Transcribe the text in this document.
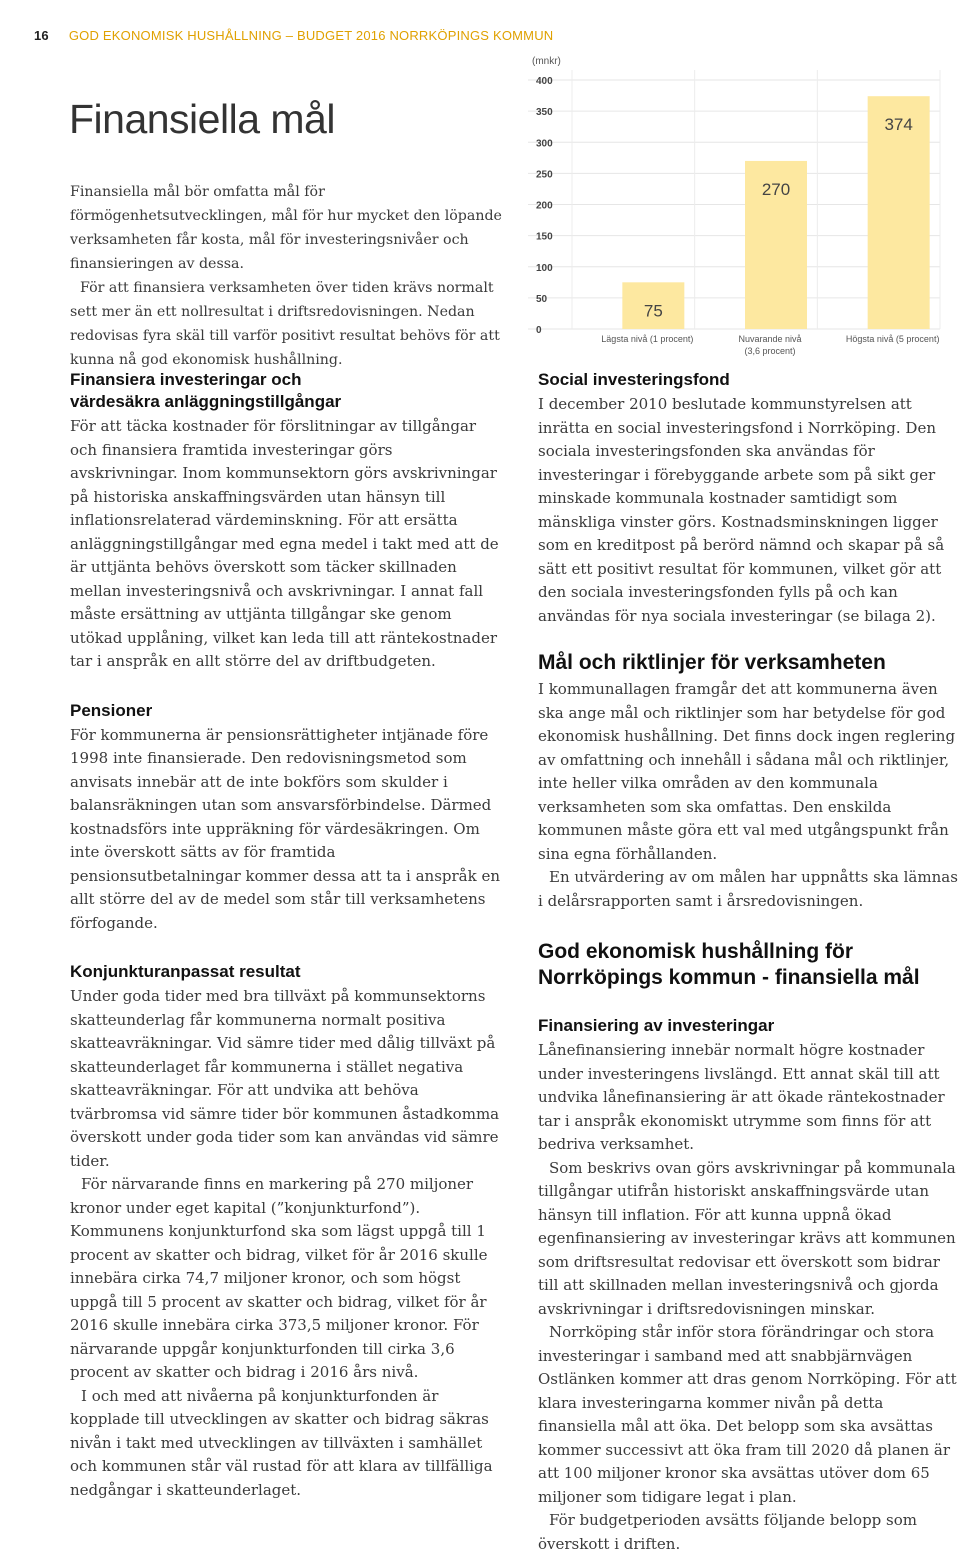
16 GOD EKONOMISK HUSHÅLLNING – BUDGET 2016 NORRKÖPINGS KOMMUN
Finansiella mål

Finansiella mål bör omfatta mål för förmögenhetsutvecklingen, mål för hur mycket den löpande verksamheten får kosta, mål för investeringsnivåer och finansieringen av dessa.

För att finansiera verksamheten över tiden krävs normalt sett mer än ett nollresultat i driftsredovisningen. Nedan redovisas fyra skäl till varför positivt resultat behövs för att kunna nå god ekonomisk hushållning.

(mnkr)
0
50
100
150
200
250
300
350
400
75
Lägsta nivå (1 procent)
270
Nuvarande nivå
(3,6 procent)
374
Högsta nivå (5 procent)
Finansiera investeringar och
värdesäkra anläggningstillgångar

För att täcka kostnader för förslitningar av tillgångar och finansiera framtida investeringar görs avskrivningar. Inom kommunsektorn görs avskrivningar på historiska anskaffningsvärden utan hänsyn till inflationsrelaterad värdeminskning. För att ersätta anläggningstillgångar med egna medel i takt med att de är uttjänta behövs överskott som täcker skillnaden mellan investeringsnivå och avskrivningar. I annat fall måste ersättning av uttjänta tillgångar ske genom utökad upplåning, vilket kan leda till att räntekostnader tar i anspråk en allt större del av driftbudgeten.

Pensioner

För kommunerna är pensionsrättigheter intjänade före 1998 inte finansierade. Den redovisningsmetod som anvisats innebär att de inte bokförs som skulder i balansräkningen utan som ansvarsförbindelse. Därmed kostnadsförs inte uppräkning för värdesäkringen. Om inte överskott sätts av för framtida pensionsutbetalningar kommer dessa att ta i anspråk en allt större del av de medel som står till verksamhetens förfogande.

Konjunkturanpassat resultat

Under goda tider med bra tillväxt på kommunsektorns skatteunderlag får kommunerna normalt positiva skatteavräkningar. Vid sämre tider med dålig tillväxt på skatteunderlaget får kommunerna i stället negativa skatteavräkningar. För att undvika att behöva tvärbromsa vid sämre tider bör kommunen åstadkomma överskott under goda tider som kan användas vid sämre tider.

För närvarande finns en markering på 270 miljoner kronor under eget kapital (”konjunkturfond”). Kommunens konjunkturfond ska som lägst uppgå till 1 procent av skatter och bidrag, vilket för år 2016 skulle innebära cirka 74,7 miljoner kronor, och som högst uppgå till 5 procent av skatter och bidrag, vilket för år 2016 skulle innebära cirka 373,5 miljoner kronor. För närvarande uppgår konjunkturfonden till cirka 3,6 procent av skatter och bidrag i 2016 års nivå.

I och med att nivåerna på konjunkturfonden är kopplade till utvecklingen av skatter och bidrag säkras nivån i takt med utvecklingen av tillväxten i samhället och kommunen står väl rustad för att klara av tillfälliga nedgångar i skatteunderlaget.

Social investeringsfond

I december 2010 beslutade kommunstyrelsen att inrätta en social investeringsfond i Norrköping. Den sociala investeringsfonden ska användas för investeringar i förebyggande arbete som på sikt ger minskade kommunala kostnader samtidigt som mänskliga vinster görs. Kostnadsminskningen ligger som en kreditpost på berörd nämnd och skapar på så sätt ett positivt resultat för kommunen, vilket gör att den sociala investeringsfonden fylls på och kan användas för nya sociala investeringar (se bilaga 2).

Mål och riktlinjer för verksamheten

I kommunallagen framgår det att kommunerna även ska ange mål och riktlinjer som har betydelse för god ekonomisk hushållning. Det finns dock ingen reglering av omfattning och innehåll i sådana mål och riktlinjer, inte heller vilka områden av den kommunala verksamheten som ska omfattas. Den enskilda kommunen måste göra ett val med utgångspunkt från sina egna förhållanden.

En utvärdering av om målen har uppnåtts ska lämnas i delårsrapporten samt i årsredovisningen.

God ekonomisk hushållning för
Norrköpings kommun - finansiella mål
Finansiering av investeringar

Lånefinansiering innebär normalt högre kostnader under investeringens livslängd. Ett annat skäl till att undvika lånefinansiering är att ökade räntekostnader tar i anspråk ekonomiskt utrymme som finns för att bedriva verksamhet.

Som beskrivs ovan görs avskrivningar på kommunala tillgångar utifrån historiskt anskaffningsvärde utan hänsyn till inflation. För att kunna uppnå ökad egenfinansiering av investeringar krävs att kommunen som driftsresultat redovisar ett överskott som bidrar till att skillnaden mellan investeringsnivå och gjorda avskrivningar i driftsredovisningen minskar.

Norrköping står inför stora förändringar och stora investeringar i samband med att snabbjärnvägen Ostlänken kommer att dras genom Norrköping. För att klara investeringarna kommer nivån på detta finansiella mål att öka. Det belopp som ska avsättas kommer successivt att öka fram till 2020 då planen är att 100 miljoner kronor ska avsättas utöver dom 65 miljoner som tidigare legat i plan.

För budgetperioden avsätts följande belopp som överskott i driften.
